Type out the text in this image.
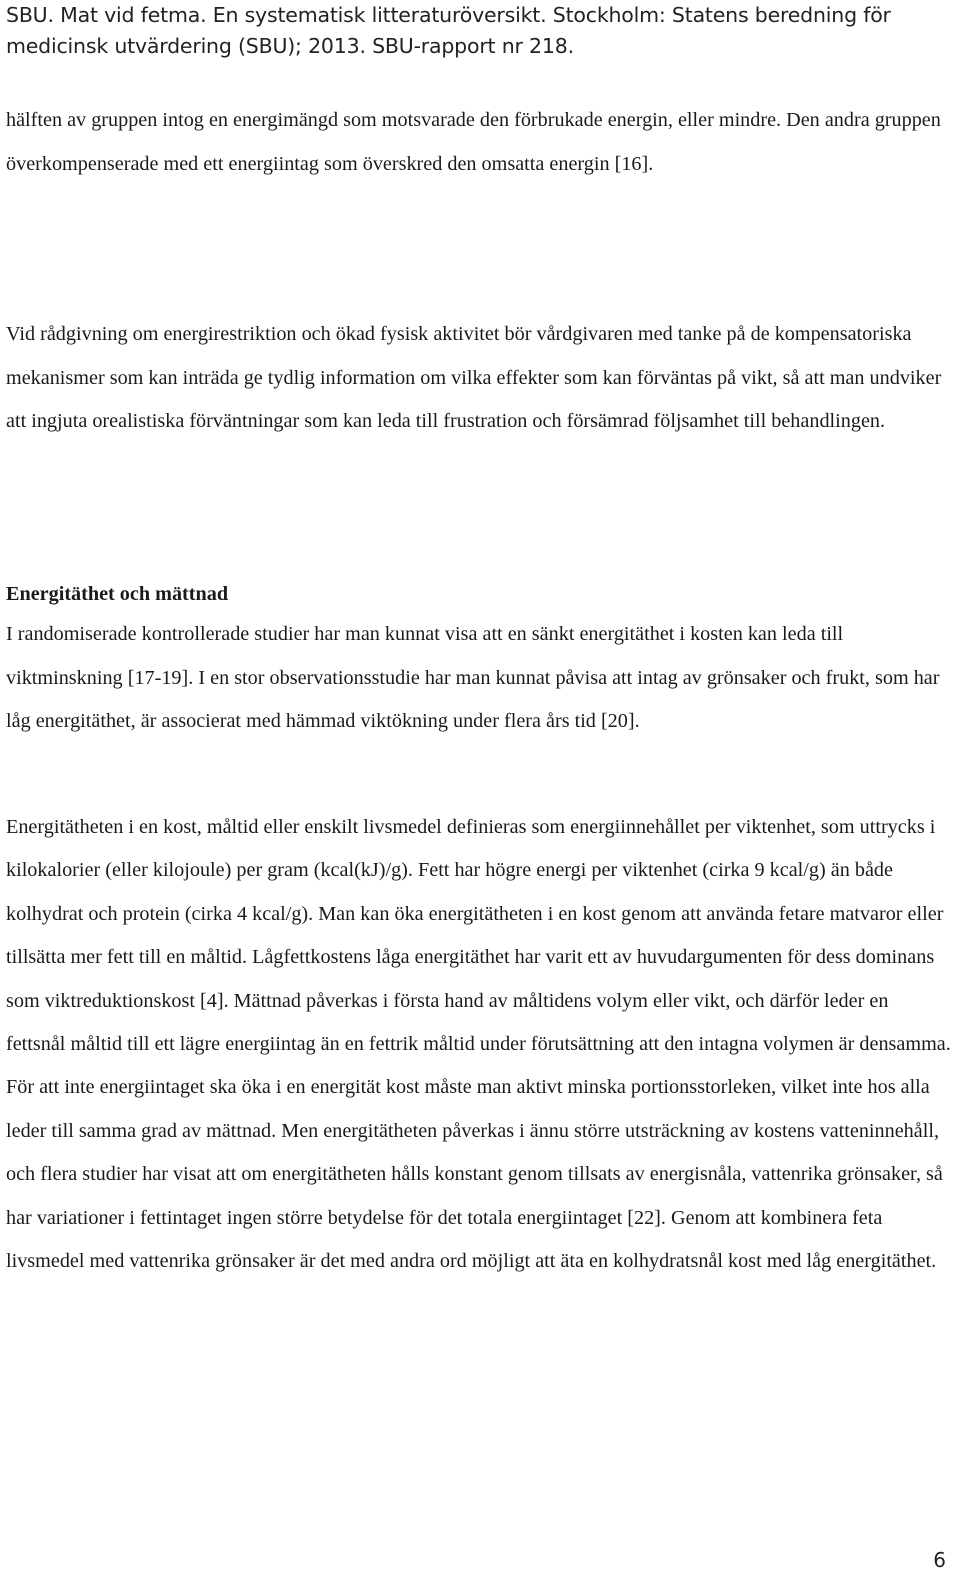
SBU. Mat vid fetma. En systematisk litteraturöversikt. Stockholm: Statens beredning för medicinsk utvärdering (SBU); 2013. SBU-rapport nr 218.

hälften av gruppen intog en energimängd som motsvarade den förbrukade energin, eller mindre. Den andra gruppen överkompenserade med ett energiintag som överskred den omsatta energin [16].

Vid rådgivning om energirestriktion och ökad fysisk aktivitet bör vårdgivaren med tanke på de kompensatoriska mekanismer som kan inträda ge tydlig information om vilka effekter som kan förväntas på vikt, så att man undviker att ingjuta orealistiska förväntningar som kan leda till frustration och försämrad följsamhet till behandlingen.

Energitäthet och mättnad

I randomiserade kontrollerade studier har man kunnat visa att en sänkt energitäthet i kosten kan leda till viktminskning [17-19]. I en stor observationsstudie har man kunnat påvisa att intag av grönsaker och frukt, som har låg energitäthet, är associerat med hämmad viktökning under flera års tid [20].

Energitätheten i en kost, måltid eller enskilt livsmedel definieras som energiinnehållet per viktenhet, som uttrycks i kilokalorier (eller kilojoule) per gram (kcal(kJ)/g). Fett har högre energi per viktenhet (cirka 9 kcal/g) än både kolhydrat och protein (cirka 4 kcal/g). Man kan öka energitätheten i en kost genom att använda fetare matvaror eller tillsätta mer fett till en måltid. Lågfettkostens låga energitäthet har varit ett av huvudargumenten för dess dominans som viktreduktionskost [4]. Mättnad påverkas i första hand av måltidens volym eller vikt, och därför leder en fettsnål måltid till ett lägre energiintag än en fettrik måltid under förutsättning att den intagna volymen är densamma. För att inte energiintaget ska öka i en energität kost måste man aktivt minska portionsstorleken, vilket inte hos alla leder till samma grad av mättnad. Men energitätheten påverkas i ännu större utsträckning av kostens vatteninnehåll, och flera studier har visat att om energitätheten hålls konstant genom tillsats av energisnåla, vattenrika grönsaker, så har variationer i fettintaget ingen större betydelse för det totala energiintaget [22]. Genom att kombinera feta livsmedel med vattenrika grönsaker är det med andra ord möjligt att äta en kolhydratsnål kost med låg energitäthet.

6
